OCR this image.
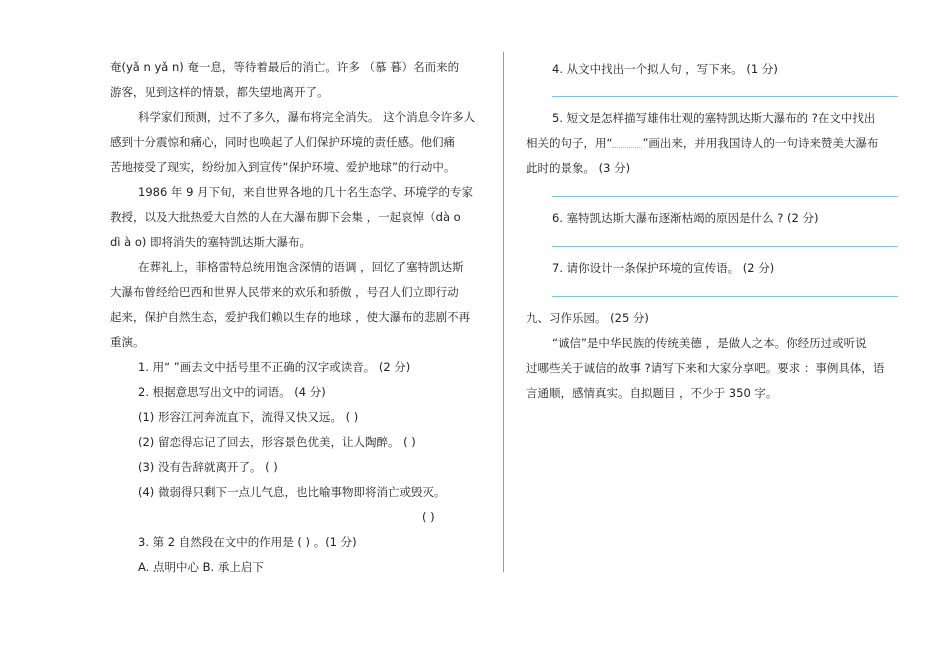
奄(yǎ n yǎ n) 奄一息，等待着最后的消亡。许多 （慕 暮）名而来的
游客，见到这样的情景，都失望地离开了。
科学家们预测，过不了多久，瀑布将完全消失。 这个消息令许多人
感到十分震惊和痛心，同时也唤起了人们保护环境的责任感。他们痛
苦地接受了现实，纷纷加入到宣传“保护环境、爱护地球”的行动中。
1986 年 9 月下旬，来自世界各地的几十名生态学、环境学的专家
教授，以及大批热爱大自然的人在大瀑布脚下会集 ，一起哀悼（dà o
dì à o) 即将消失的塞特凯达斯大瀑布。
在葬礼上，菲格雷特总统用饱含深情的语调 ，回忆了塞特凯达斯
大瀑布曾经给巴西和世界人民带来的欢乐和骄傲 ，号召人们立即行动
起来，保护自然生态，爱护我们赖以生存的地球 ，使大瀑布的悲剧不再
重演。
1. 用“ ”画去文中括号里不正确的汉字或读音。 (2 分)
2. 根据意思写出文中的词语。 (4 分)
(1) 形容江河奔流直下，流得又快又远。 ( )
(2) 留恋得忘记了回去，形容景色优美，让人陶醉。 ( )
(3) 没有告辞就离开了。 ( )
(4) 微弱得只剩下一点儿气息，也比喻事物即将消亡或毁灭。
( )
3. 第 2 自然段在文中的作用是 ( ) 。(1 分)
A. 点明中心 B. 承上启下
4. 从文中找出一个拟人句 ，写下来。 (1 分)
5. 短文是怎样描写雄伟壮观的塞特凯达斯大瀑布的 ?在文中找出
相关的句子，用“	”画出来，并用我国诗人的一句诗来赞美大瀑布
此时的景象。 (3 分)
6. 塞特凯达斯大瀑布逐渐枯竭的原因是什么 ? (2 分)
7. 请你设计一条保护环境的宣传语。 (2 分)
九、习作乐园。 (25 分)
“诚信”是中华民族的传统美德 ，是做人之本。你经历过或听说
过哪些关于诚信的故事 ?请写下来和大家分享吧。要求 ：事例具体，语
言通顺，感情真实。自拟题目 ，不少于 350 字。
